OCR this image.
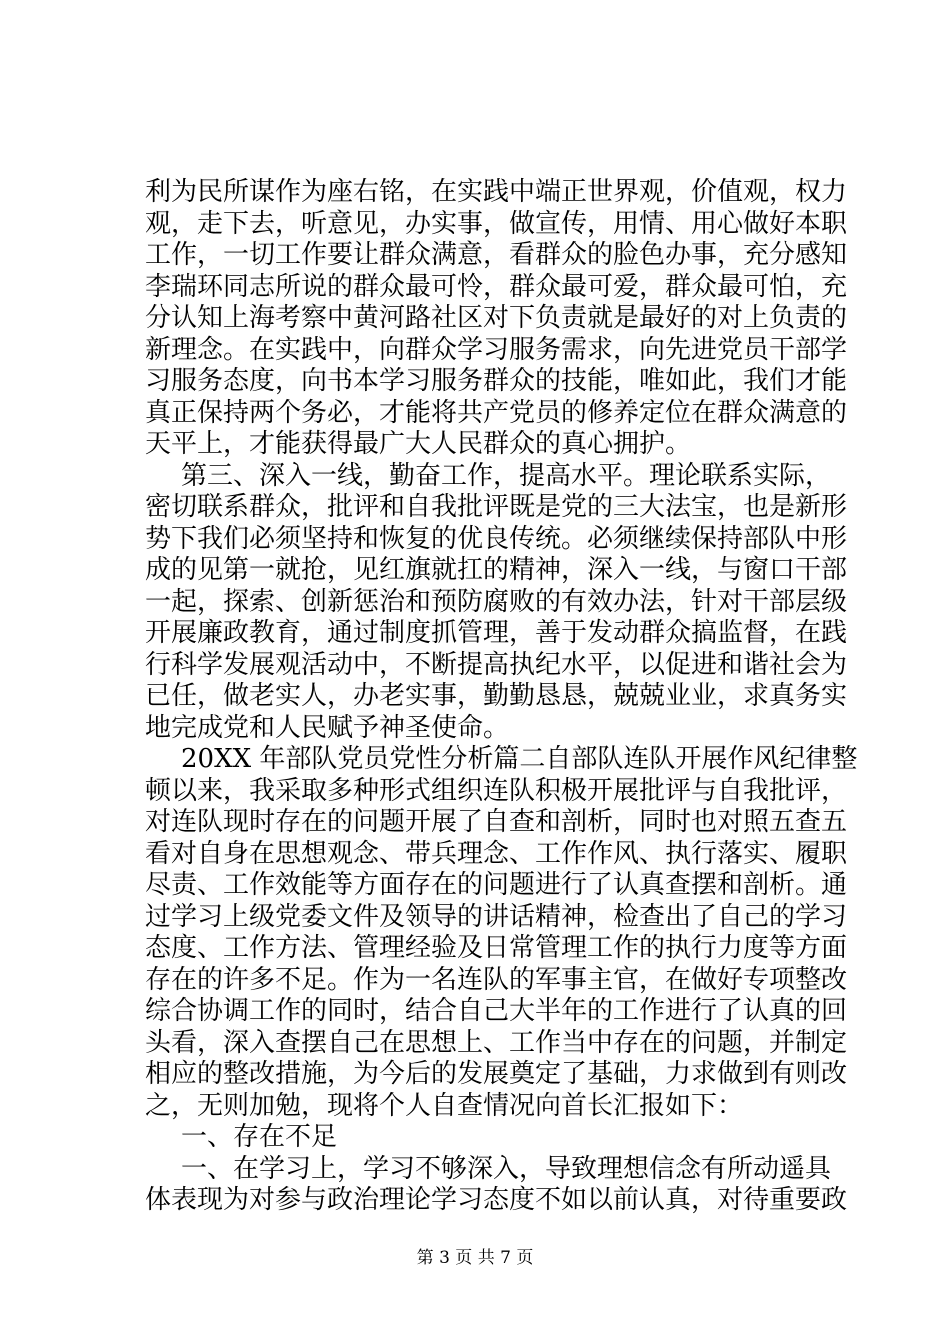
利为民所谋作为座右铭，在实践中端正世界观，价值观，权力
观，走下去，听意见，办实事，做宣传，用情、用心做好本职
工作，一切工作要让群众满意，看群众的脸色办事，充分感知
李瑞环同志所说的群众最可怜，群众最可爱，群众最可怕，充
分认知上海考察中黄河路社区对下负责就是最好的对上负责的
新理念。在实践中，向群众学习服务需求，向先进党员干部学
习服务态度，向书本学习服务群众的技能，唯如此，我们才能
真正保持两个务必，才能将共产党员的修养定位在群众满意的
天平上，才能获得最广大人民群众的真心拥护。
第三、深入一线，勤奋工作，提高水平。理论联系实际，
密切联系群众，批评和自我批评既是党的三大法宝，也是新形
势下我们必须坚持和恢复的优良传统。必须继续保持部队中形
成的见第一就抢，见红旗就扛的精神，深入一线，与窗口干部
一起，探索、创新惩治和预防腐败的有效办法，针对干部层级
开展廉政教育，通过制度抓管理，善于发动群众搞监督，在践
行科学发展观活动中，不断提高执纪水平，以促进和谐社会为
已任，做老实人，办老实事，勤勤恳恳，兢兢业业，求真务实
地完成党和人民赋予神圣使命。
20XX 年部队党员党性分析篇二自部队连队开展作风纪律整
顿以来，我采取多种形式组织连队积极开展批评与自我批评，
对连队现时存在的问题开展了自查和剖析，同时也对照五查五
看对自身在思想观念、带兵理念、工作作风、执行落实、履职
尽责、工作效能等方面存在的问题进行了认真查摆和剖析。通
过学习上级党委文件及领导的讲话精神，检查出了自己的学习
态度、工作方法、管理经验及日常管理工作的执行力度等方面
存在的许多不足。作为一名连队的军事主官，在做好专项整改
综合协调工作的同时，结合自己大半年的工作进行了认真的回
头看，深入查摆自己在思想上、工作当中存在的问题，并制定
相应的整改措施，为今后的发展奠定了基础，力求做到有则改
之，无则加勉，现将个人自查情况向首长汇报如下：
一、存在不足
一、在学习上，学习不够深入，导致理想信念有所动遥具
体表现为对参与政治理论学习态度不如以前认真，对待重要政
第 3 页 共 7 页
